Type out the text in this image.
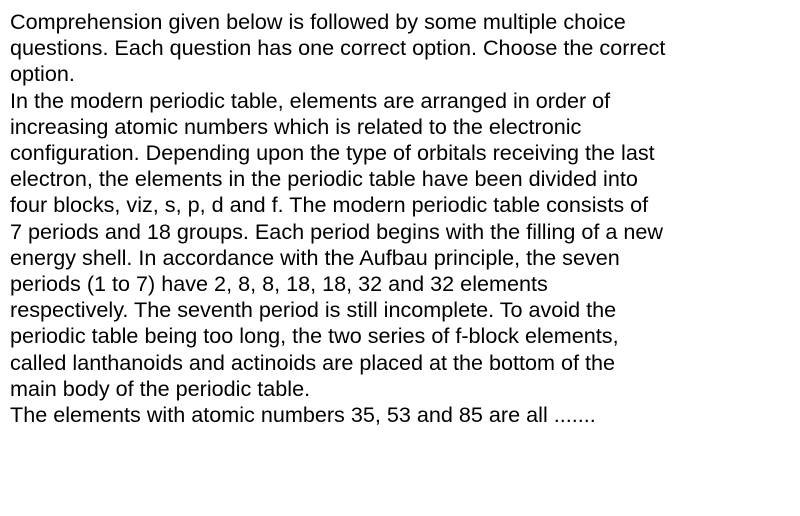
Comprehension given below is followed by some multiple choice
questions. Each question has one correct option. Choose the correct
option.

In the modern periodic table, elements are arranged in order of
increasing atomic numbers which is related to the electronic
configuration. Depending upon the type of orbitals receiving the last
electron, the elements in the periodic table have been divided into
four blocks, viz, s, p, d and f. The modern periodic table consists of
7 periods and 18 groups. Each period begins with the filling of a new
energy shell. In accordance with the Aufbau principle, the seven
periods (1 to 7) have 2, 8, 8, 18, 18, 32 and 32 elements
respectively. The seventh period is still incomplete. To avoid the
periodic table being too long, the two series of f-block elements,
called lanthanoids and actinoids are placed at the bottom of the
main body of the periodic table.

The elements with atomic numbers 35, 53 and 85 are all .......
